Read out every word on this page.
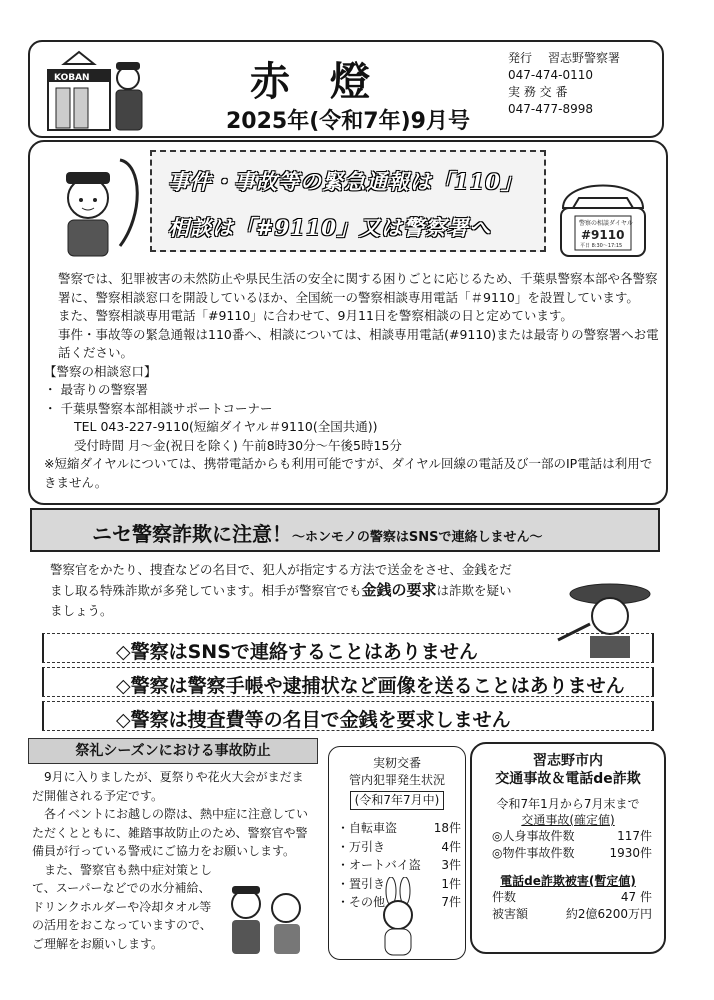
KOBAN	赤燈
2025年(令和7年)9月号
発行 習志野警察署
047-474-0110
実 務 交 番
047-477-8998
事件・事故等の緊急通報は「110」
相談は「#9110」又は警察署へ	警察の相談ダイヤル
#9110
平日 8:30〜17:15

警察では、犯罪被害の未然防止や県民生活の安全に関する困りごとに応じるため、千葉県警察本部や各警察署に、警察相談窓口を開設しているほか、全国統一の警察相談専用電話「＃9110」を設置しています。

また、警察相談専用電話「#9110」に合わせて、9月11日を警察相談の日と定めています。

事件・事故等の緊急通報は110番へ、相談については、相談専用電話(#9110)または最寄りの警察署へお電話ください。

【警察の相談窓口】

・ 最寄りの警察署

・ 千葉県警察本部相談サポートコーナー

TEL 043-227-9110(短縮ダイヤル＃9110(全国共通))

受付時間 月〜金(祝日を除く) 午前8時30分〜午後5時15分

※短縮ダイヤルについては、携帯電話からも利用可能ですが、ダイヤル回線の電話及び一部のIP電話は利用できません。

ニセ警察詐欺に注意！～ホンモノの警察はSNSで連絡しません～
警察官をかたり、捜査などの名目で、犯人が指定する方法で送金をさせ、金銭をだまし取る特殊詐欺が多発しています。相手が警察官でも金銭の要求は詐欺を疑いましょう。
◇警察はSNSで連絡することはありません
◇警察は警察手帳や逮捕状など画像を送ることはありません
◇警察は捜査費等の名目で金銭を要求しません
祭礼シーズンにおける事故防止

9月に入りましたが、夏祭りや花火大会がまだまだ開催される予定です。

各イベントにお越しの際は、熱中症に注意していただくとともに、雑踏事故防止のため、警察官や警備員が行っている警戒にご協力をお願いします。

また、警察官も熱中症対策として、スーパーなどでの水分補給、ドリンクホルダーや冷却タオル等の活用をおこなっていますので、ご理解をお願いします。

実籾交番
管内犯罪発生状況
(令和7年7月中)
・自転車盗	18件
・万引き	4件
・オートバイ盗 3件
・置引き	1件
・その他	7件
習志野市内
交通事故＆電話de詐欺
令和7年1月から7月末まで
交通事故(確定値)
◎人身事故件数	117件
◎物件事故件数	1930件
電話de詐欺被害(暫定値)
件数	47 件
被害額	約2億6200万円
